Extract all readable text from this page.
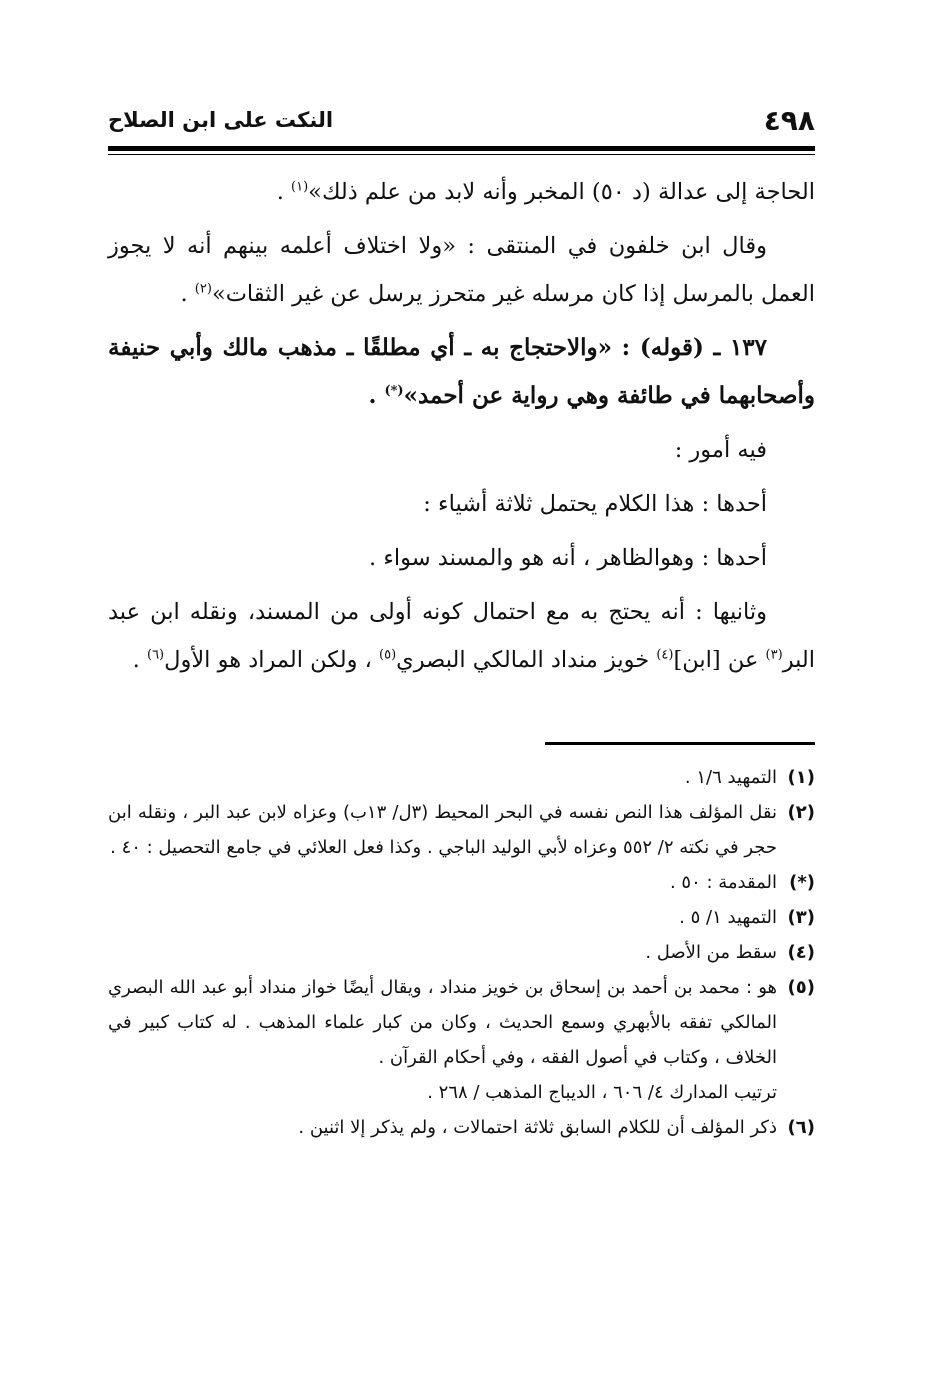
٤٩٨
النكت على ابن الصلاح

الحاجة إلى عدالة (د ٥٠) المخبر وأنه لابد من علم ذلك»$^{(١)}$ .

وقال ابن خلفون في المنتقى : «ولا اختلاف أعلمه بينهم أنه لا يجوز العمل بالمرسل إذا كان مرسله غير متحرز يرسل عن غير الثقات»$^{(٢)}$ .

١٣٧ ـ (قوله) : «والاحتجاج به ـ أي مطلقًا ـ مذهب مالك وأبي حنيفة وأصحابهما في طائفة وهي رواية عن أحمد»(*) .

فيه أمور :

أحدها : هذا الكلام يحتمل ثلاثة أشياء :

أحدها : وهوالظاهر ، أنه هو والمسند سواء .

وثانيها : أنه يحتج به مع احتمال كونه أولى من المسند، ونقله ابن عبد البر$^{(٣)}$ عن [ابن]$^{(٤)}$ خويز منداد المالكي البصري$^{(٥)}$ ، ولكن المراد هو الأول$^{(٦)}$ .

(١)
التمهيد ١/٦ .
(٢)
نقل المؤلف هذا النص نفسه في البحر المحيط (٣ل/ ١٣ب) وعزاه لابن عبد البر ، ونقله ابن حجر في نكته ٢/ ٥٥٢ وعزاه لأبي الوليد الباجي . وكذا فعل العلائي في جامع التحصيل : ٤٠ .
(*)
المقدمة : ٥٠ .
(٣)
التمهيد ١/ ٥ .
(٤)
سقط من الأصل .
(٥)
هو : محمد بن أحمد بن إسحاق بن خويز منداد ، ويقال أيضًا خواز منداد أبو عبد الله البصري المالكي تفقه بالأبهري وسمع الحديث ، وكان من كبار علماء المذهب . له كتاب كبير في الخلاف ، وكتاب في أصول الفقه ، وفي أحكام القرآن .
ترتيب المدارك ٤/ ٦٠٦ ، الديباج المذهب / ٢٦٨ .
(٦)
ذكر المؤلف أن للكلام السابق ثلاثة احتمالات ، ولم يذكر إلا اثنين .
